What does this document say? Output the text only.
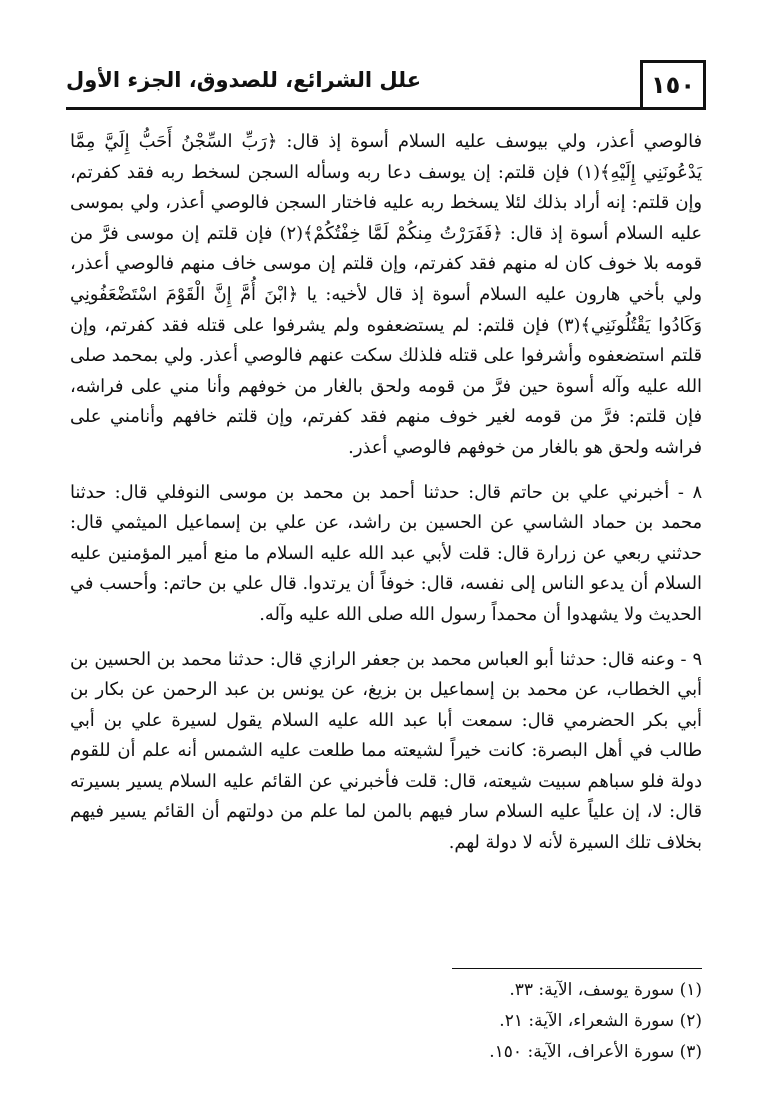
١٥٠
علل الشرائع، للصدوق، الجزء الأول

فالوصي أعذر، ولي بيوسف عليه السلام أسوة إذ قال: ﴿رَبِّ السِّجْنُ أَحَبُّ إِلَيَّ مِمَّا يَدْعُونَنِي إِلَيْهِ﴾(١) فإن قلتم: إن يوسف دعا ربه وسأله السجن لسخط ربه فقد كفرتم، وإن قلتم: إنه أراد بذلك لئلا يسخط ربه عليه فاختار السجن فالوصي أعذر، ولي بموسى عليه السلام أسوة إذ قال: ﴿فَفَرَرْتُ مِنكُمْ لَمَّا خِفْتُكُمْ﴾(٢) فإن قلتم إن موسى فرَّ من قومه بلا خوف كان له منهم فقد كفرتم، وإن قلتم إن موسى خاف منهم فالوصي أعذر، ولي بأخي هارون عليه السلام أسوة إذ قال لأخيه: يا ﴿ابْنَ أُمَّ إِنَّ الْقَوْمَ اسْتَضْعَفُونِي وَكَادُوا يَقْتُلُونَنِي﴾(٣) فإن قلتم: لم يستضعفوه ولم يشرفوا على قتله فقد كفرتم، وإن قلتم استضعفوه وأشرفوا على قتله فلذلك سكت عنهم فالوصي أعذر. ولي بمحمد صلى الله عليه وآله أسوة حين فرَّ من قومه ولحق بالغار من خوفهم وأنا مني على فراشه، فإن قلتم: فرَّ من قومه لغير خوف منهم فقد كفرتم، وإن قلتم خافهم وأنامني على فراشه ولحق هو بالغار من خوفهم فالوصي أعذر.

٨ - أخبرني علي بن حاتم قال: حدثنا أحمد بن محمد بن موسى النوفلي قال: حدثنا محمد بن حماد الشاسي عن الحسين بن راشد، عن علي بن إسماعيل الميثمي قال: حدثني ربعي عن زرارة قال: قلت لأبي عبد الله عليه السلام ما منع أمير المؤمنين عليه السلام أن يدعو الناس إلى نفسه، قال: خوفاً أن يرتدوا. قال علي بن حاتم: وأحسب في الحديث ولا يشهدوا أن محمداً رسول الله صلى الله عليه وآله.

٩ - وعنه قال: حدثنا أبو العباس محمد بن جعفر الرازي قال: حدثنا محمد بن الحسين بن أبي الخطاب، عن محمد بن إسماعيل بن بزيغ، عن يونس بن عبد الرحمن عن بكار بن أبي بكر الحضرمي قال: سمعت أبا عبد الله عليه السلام يقول لسيرة علي بن أبي طالب في أهل البصرة: كانت خيراً لشيعته مما طلعت عليه الشمس أنه علم أن للقوم دولة فلو سباهم سبيت شيعته، قال: قلت فأخبرني عن القائم عليه السلام يسير بسيرته قال: لا، إن علياً عليه السلام سار فيهم بالمن لما علم من دولتهم أن القائم يسير فيهم بخلاف تلك السيرة لأنه لا دولة لهم.

(١) سورة يوسف، الآية: ٣٣.

(٢) سورة الشعراء، الآية: ٢١.

(٣) سورة الأعراف، الآية: ١٥٠.
